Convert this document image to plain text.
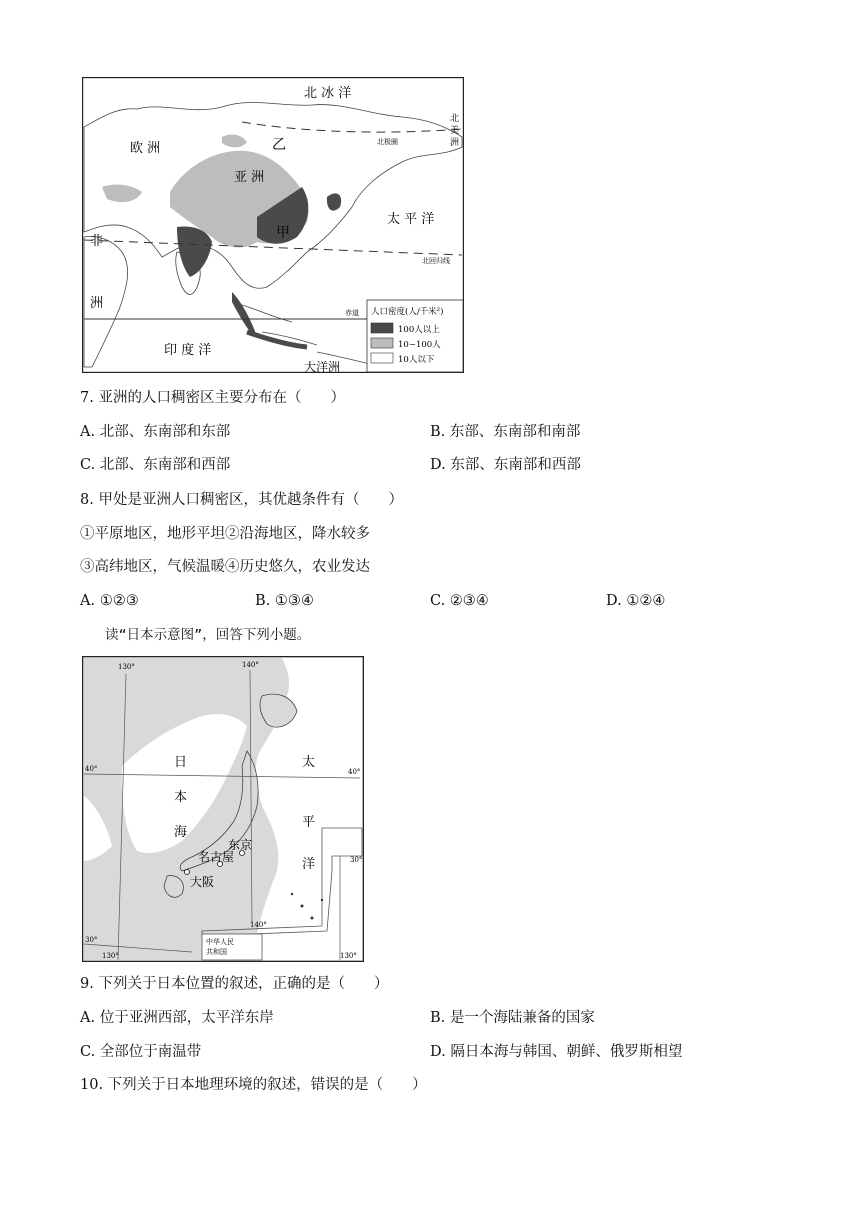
北 冰 洋
北极圈
北美洲
欧 洲	乙
亚 洲
太 平 洋
甲
非洲
北回归线
赤道
印 度 洋
大洋洲
人口密度(人/千米²)
100人以上
10~100人
10人以下
7. 亚洲的人口稠密区主要分布在（　　）
A. 北部、东南部和东部	B. 东部、东南部和南部
C. 北部、东南部和西部	D. 东部、东南部和西部
8. 甲处是亚洲人口稠密区，其优越条件有（　　）
①平原地区，地形平坦②沿海地区，降水较多
③高纬地区，气候温暖④历史悠久，农业发达
A. ①②③	B. ①③④	C. ②③④	D. ①②④
读“日本示意图”，回答下列小题。
130°	140°
40°	40°
30°
30°
130°
140°
130°
日
本
海
太
平
洋
东京
名古屋
大阪
中华人民共和国
9. 下列关于日本位置的叙述，正确的是（　　）
A. 位于亚洲西部，太平洋东岸	B. 是一个海陆兼备的国家
C. 全部位于南温带	D. 隔日本海与韩国、朝鲜、俄罗斯相望
10. 下列关于日本地理环境的叙述，错误的是（　　）
